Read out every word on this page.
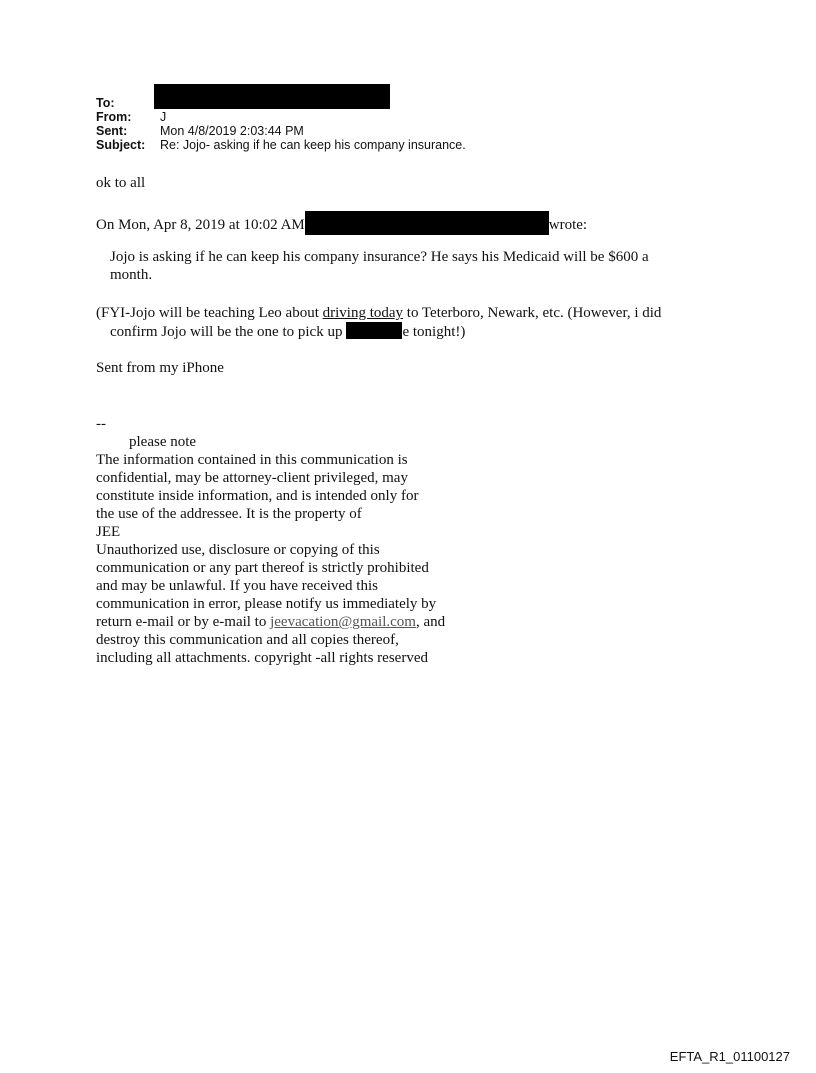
To:
From:	J
Sent:	Mon 4/8/2019 2:03:44 PM
Subject:	Re: Jojo- asking if he can keep his company insurance.
ok to all
On Mon, Apr 8, 2019 at 10:02 AM	wrote:
Jojo is asking if he can keep his company insurance? He says his Medicaid will be $600 a
month.
(FYI-Jojo will be teaching Leo about driving today to Teterboro, Newark, etc. (However, i did
confirm Jojo will be the one to pick up	e tonight!)
Sent from my iPhone
--
please note
The information contained in this communication is
confidential, may be attorney-client privileged, may
constitute inside information, and is intended only for
the use of the addressee. It is the property of
JEE
Unauthorized use, disclosure or copying of this
communication or any part thereof is strictly prohibited
and may be unlawful. If you have received this
communication in error, please notify us immediately by
return e-mail or by e-mail to jeevacation@gmail.com, and
destroy this communication and all copies thereof,
including all attachments. copyright -all rights reserved
EFTA_R1_01100127
